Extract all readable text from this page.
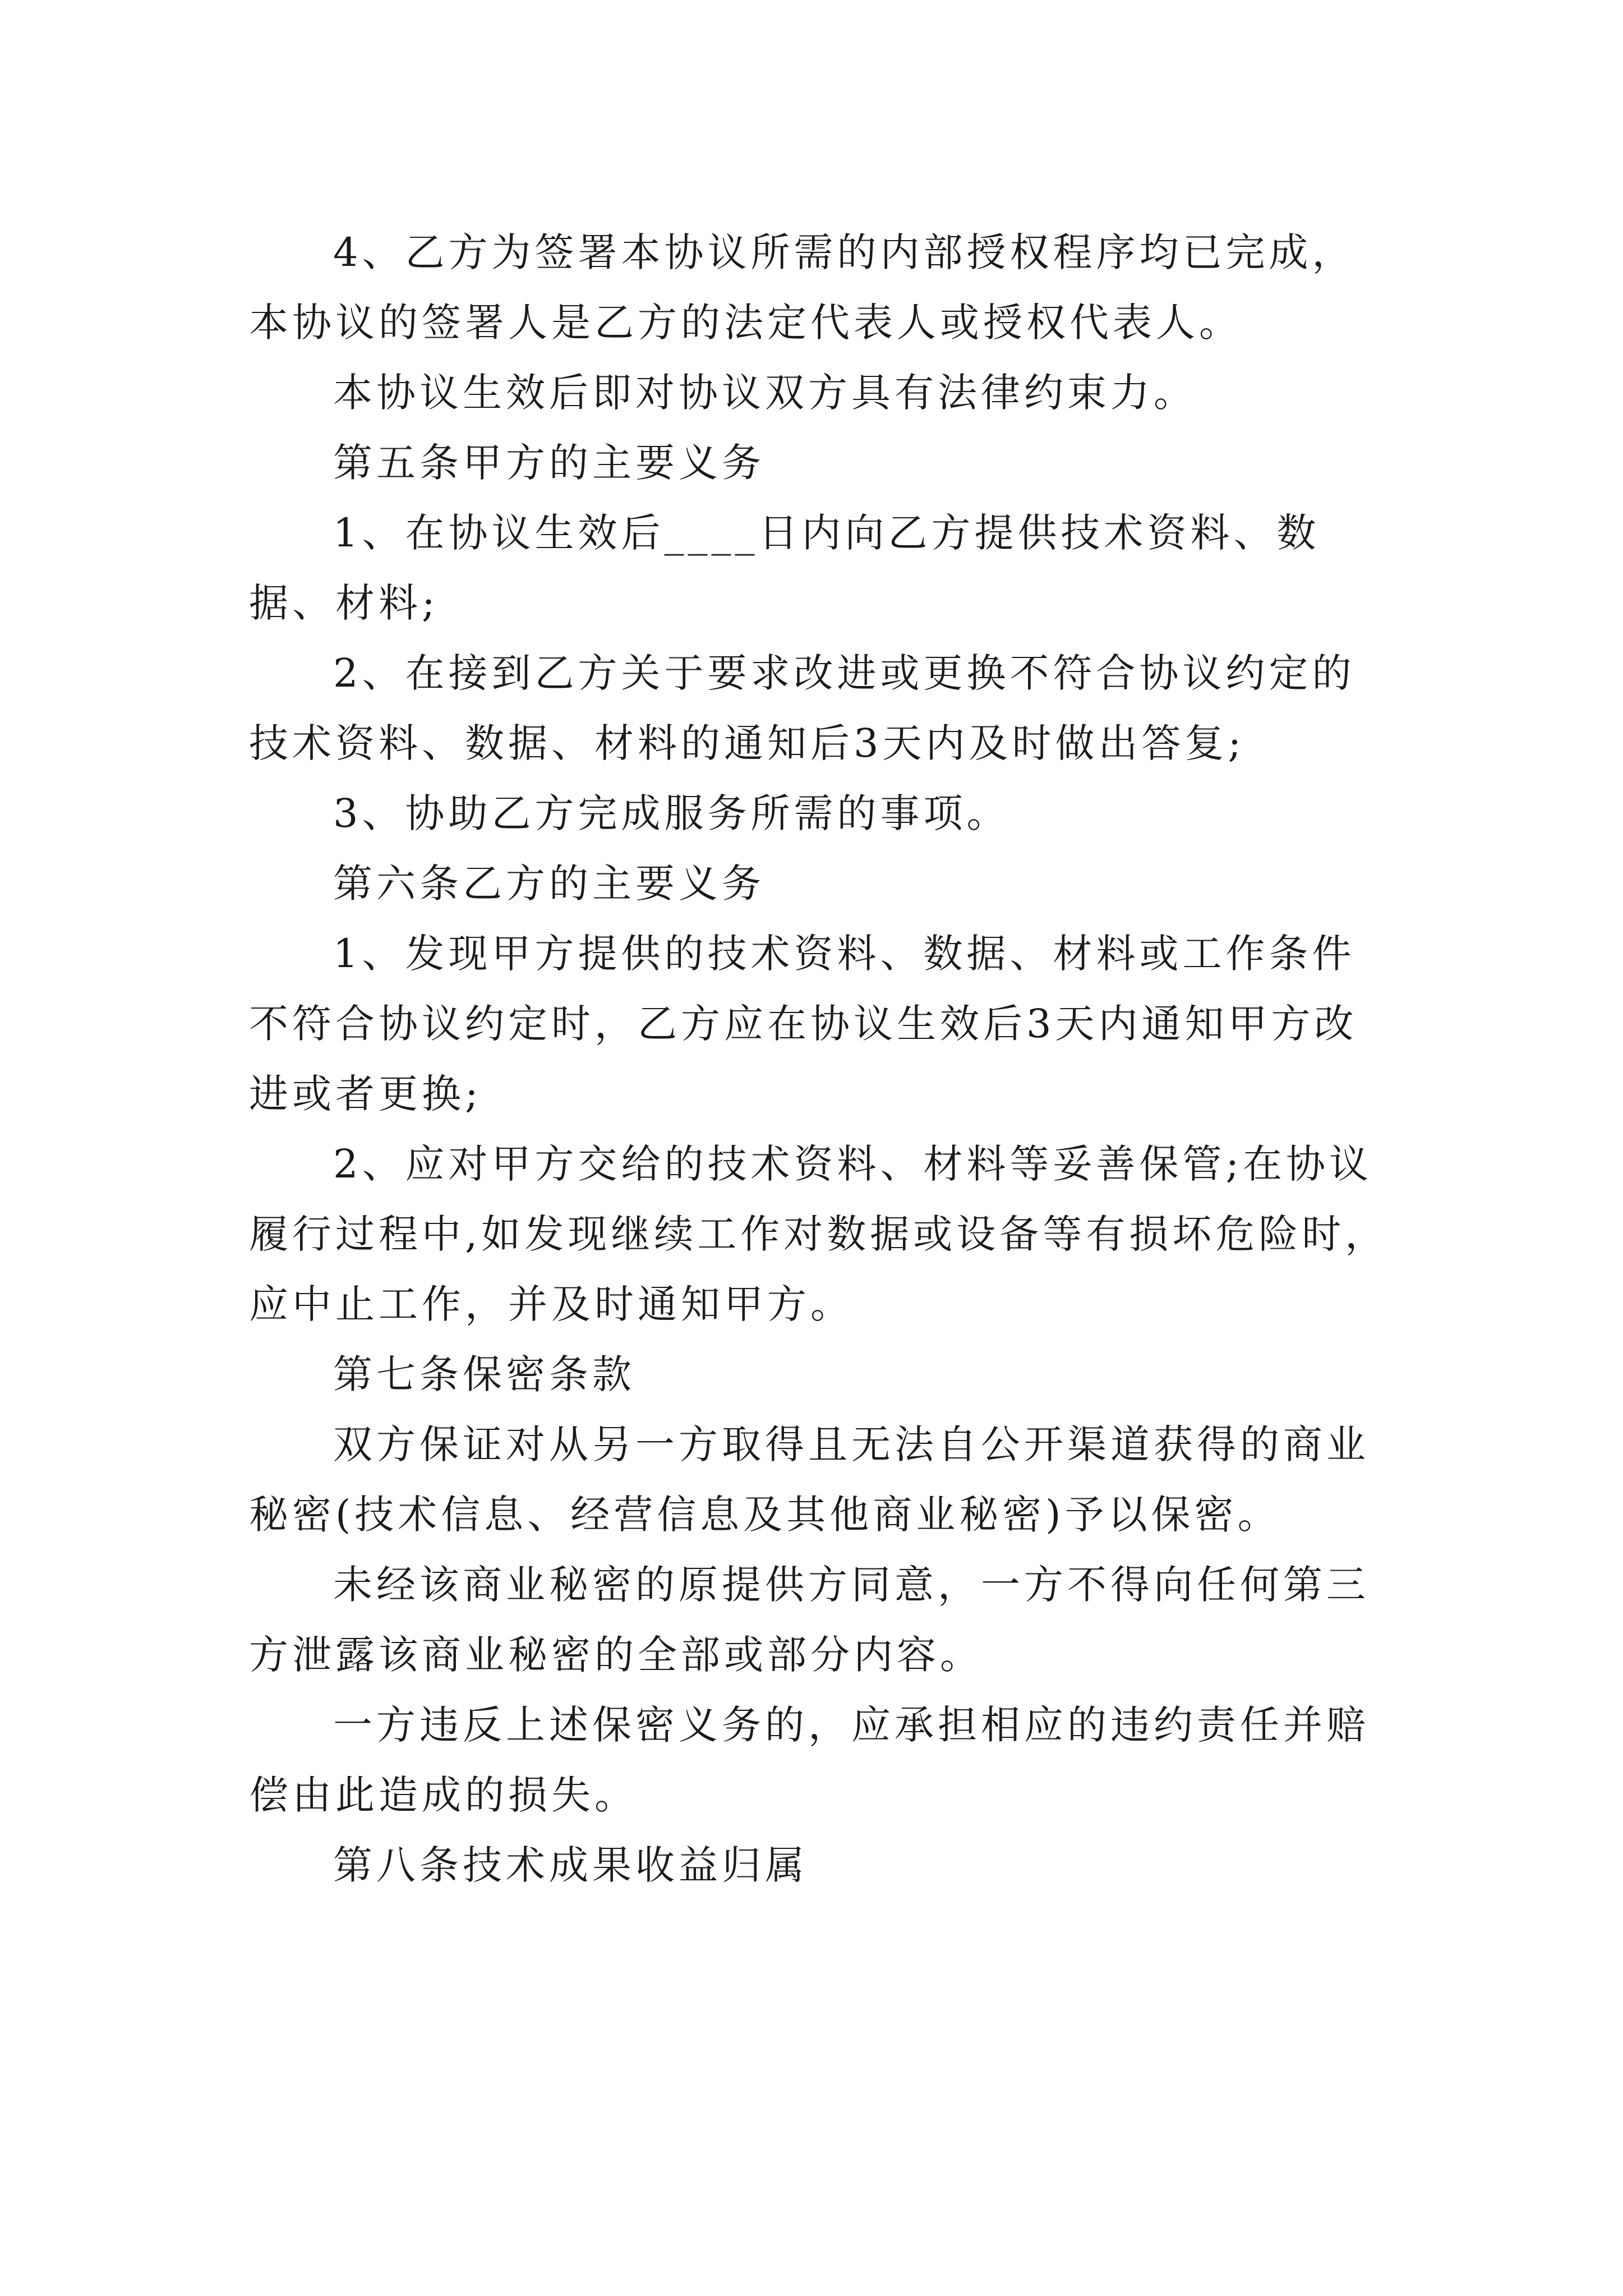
4、乙方为签署本协议所需的内部授权程序均已完成，本协议的签署人是乙方的法定代表人或授权代表人。

本协议生效后即对协议双方具有法律约束力。

第五条甲方的主要义务

1、在协议生效后____日内向乙方提供技术资料、数据、材料;

2、在接到乙方关于要求改进或更换不符合协议约定的技术资料、数据、材料的通知后3天内及时做出答复;

3、协助乙方完成服务所需的事项。

第六条乙方的主要义务

1、发现甲方提供的技术资料、数据、材料或工作条件不符合协议约定时，乙方应在协议生效后3天内通知甲方改进或者更换;

2、应对甲方交给的技术资料、材料等妥善保管;在协议履行过程中,如发现继续工作对数据或设备等有损坏危险时，应中止工作，并及时通知甲方。

第七条保密条款

双方保证对从另一方取得且无法自公开渠道获得的商业秘密(技术信息、经营信息及其他商业秘密)予以保密。

未经该商业秘密的原提供方同意，一方不得向任何第三方泄露该商业秘密的全部或部分内容。

一方违反上述保密义务的，应承担相应的违约责任并赔偿由此造成的损失。

第八条技术成果收益归属
